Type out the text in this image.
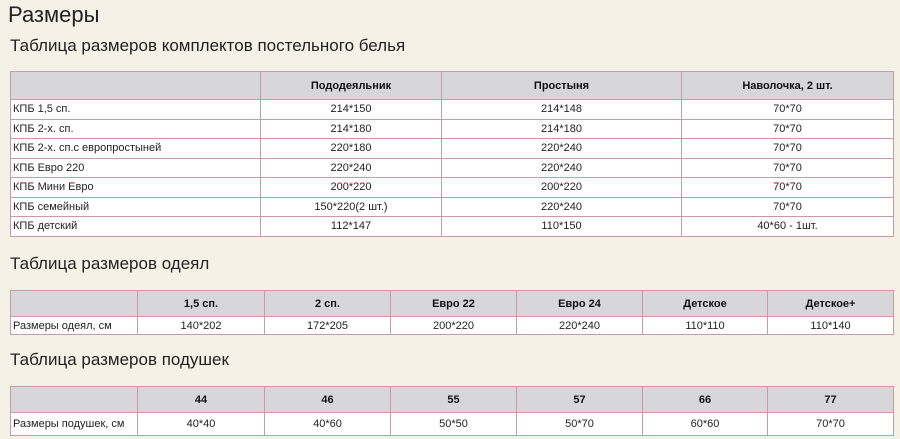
Размеры
Таблица размеров комплектов постельного белья
	Пододеяльник	Простыня	Наволочка, 2 шт.
КПБ 1,5 сп.	214*150	214*148	70*70
КПБ 2-х. сп.	214*180	214*180	70*70
КПБ 2-х. сп.с европростыней	220*180	220*240	70*70
КПБ Евро 220	220*240	220*240	70*70
КПБ Мини Евро	200*220	200*220	70*70
КПБ семейный	150*220(2 шт.)	220*240	70*70
КПБ детский	112*147	110*150	40*60 - 1шт.
Таблица размеров одеял
	1,5 сп.	2 сп.	Евро 22	Евро 24	Детское	Детское+
Размеры одеял, см	140*202	172*205	200*220	220*240	110*110	110*140
Таблица размеров подушек
	44	46	55	57	66	77
Размеры подушек, см	40*40	40*60	50*50	50*70	60*60	70*70
